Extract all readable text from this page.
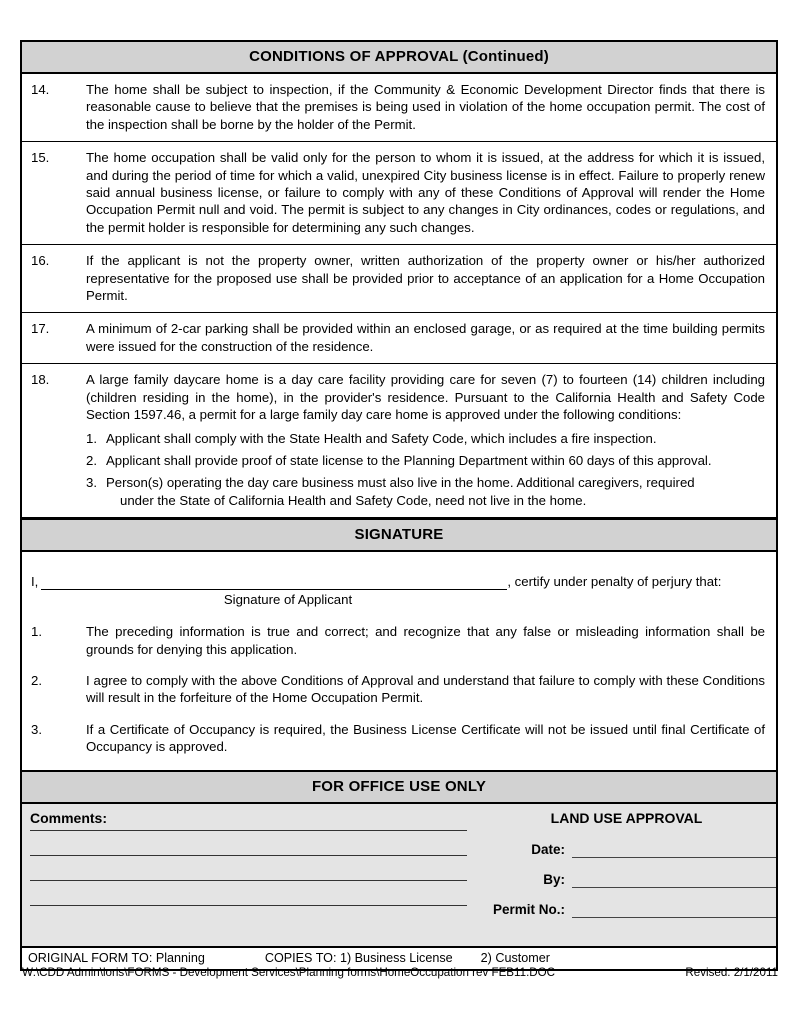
CONDITIONS OF APPROVAL (Continued)
14.	The home shall be subject to inspection, if the Community & Economic Development Director finds that there is reasonable cause to believe that the premises is being used in violation of the home occupation permit. The cost of the inspection shall be borne by the holder of the Permit.
15.	The home occupation shall be valid only for the person to whom it is issued, at the address for which it is issued, and during the period of time for which a valid, unexpired City business license is in effect. Failure to properly renew said annual business license, or failure to comply with any of these Conditions of Approval will render the Home Occupation Permit null and void. The permit is subject to any changes in City ordinances, codes or regulations, and the permit holder is responsible for determining any such changes.
16.	If the applicant is not the property owner, written authorization of the property owner or his/her authorized representative for the proposed use shall be provided prior to acceptance of an application for a Home Occupation Permit.
17.	A minimum of 2-car parking shall be provided within an enclosed garage, or as required at the time building permits were issued for the construction of the residence.
18.	A large family daycare home is a day care facility providing care for seven (7) to fourteen (14) children including (children residing in the home), in the provider's residence. Pursuant to the California Health and Safety Code Section 1597.46, a permit for a large family day care home is approved under the following conditions:

1. Applicant shall comply with the State Health and Safety Code, which includes a fire inspection.
2. Applicant shall provide proof of state license to the Planning Department within 60 days of this approval.
3. Person(s) operating the day care business must also live in the home. Additional caregivers, required
under the State of California Health and Safety Code, need not live in the home.
SIGNATURE
I,	, certify under penalty of perjury that:
Signature of Applicant
1.	The preceding information is true and correct; and recognize that any false or misleading information shall be grounds for denying this application.
2.	I agree to comply with the above Conditions of Approval and understand that failure to comply with these Conditions will result in the forfeiture of the Home Occupation Permit.
3.	If a Certificate of Occupancy is required, the Business License Certificate will not be issued until final Certificate of Occupancy is approved.
FOR OFFICE USE ONLY
Comments:	LAND USE APPROVAL
Date:
By:
Permit No.:
ORIGINAL FORM TO: Planning	COPIES TO: 1) Business License	2) Customer
W:\CDD Admin\loris\FORMS - Development Services\Planning forms\HomeOccupation rev FEB11.DOC	Revised: 2/1/2011
